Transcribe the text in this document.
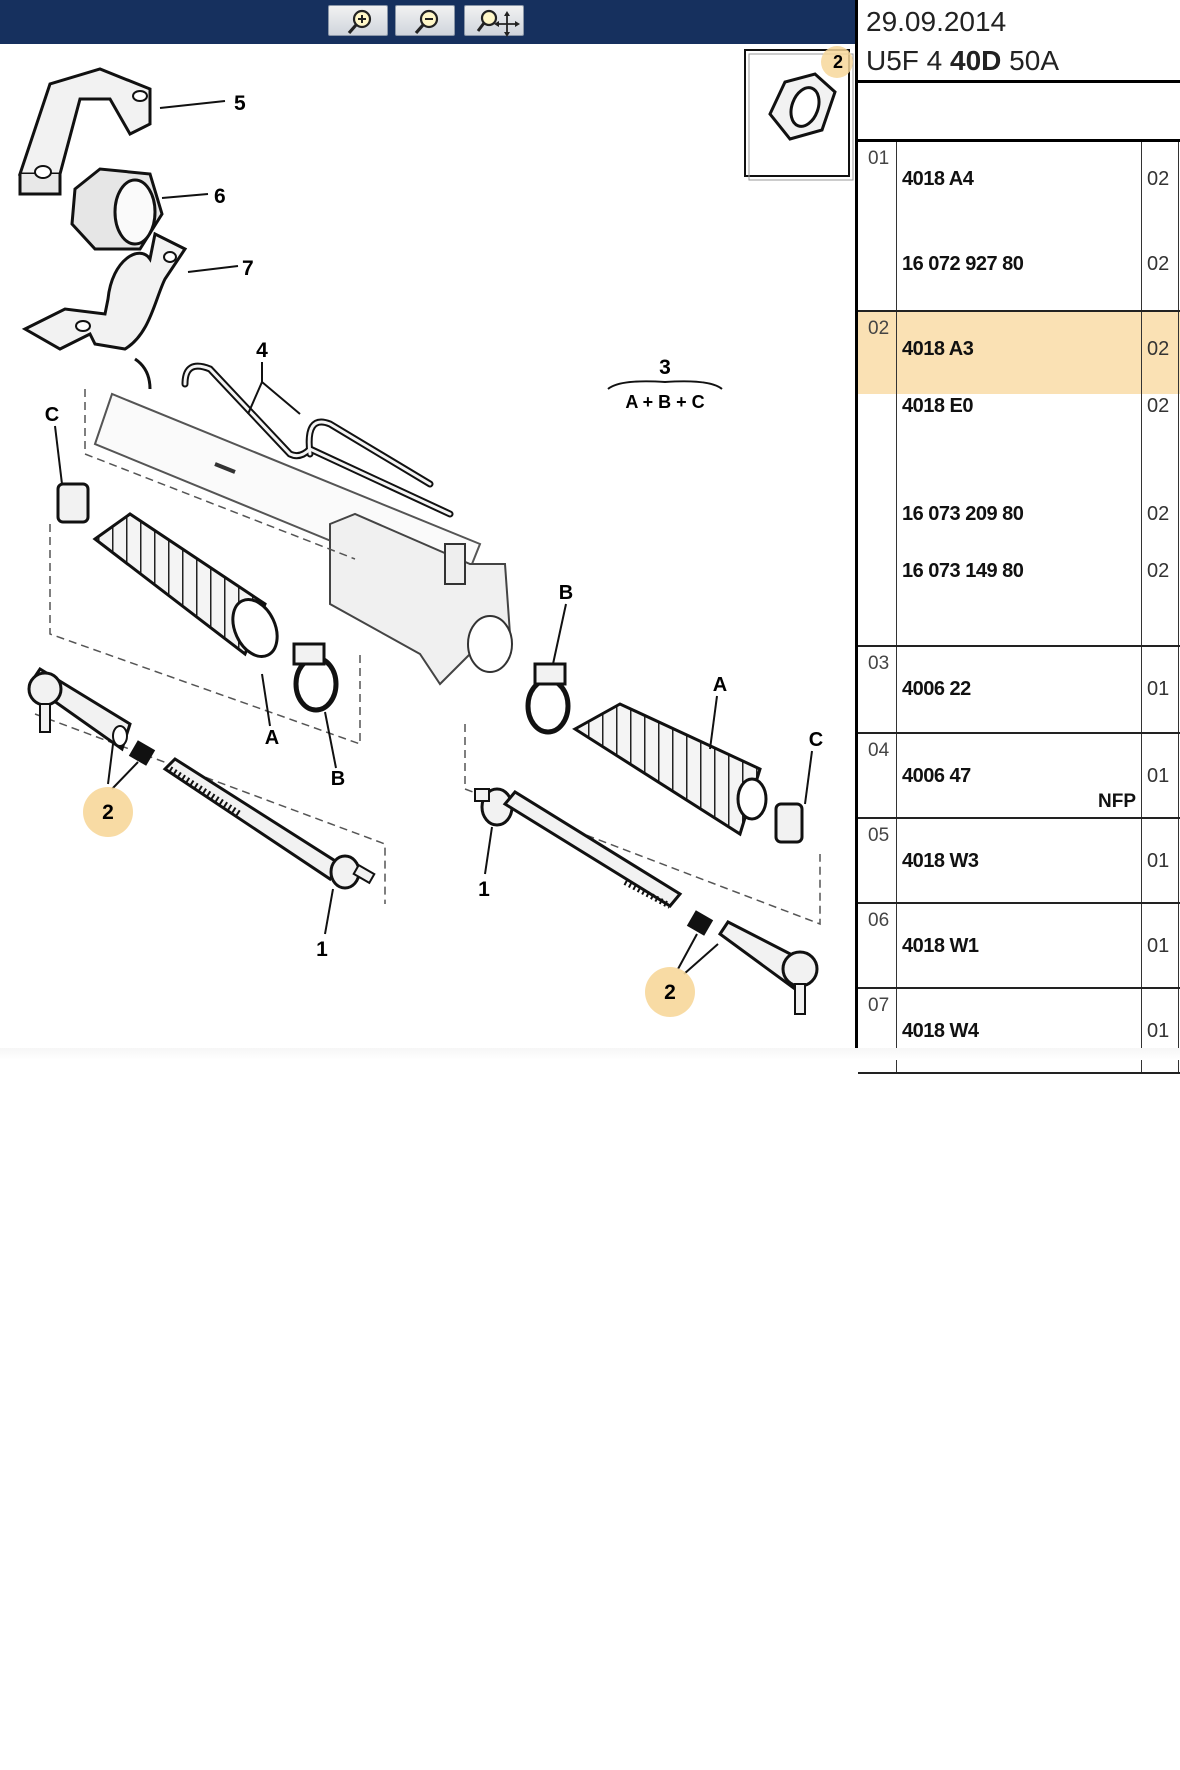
2
5
6
7
4
3
A + B + C
C
A
B
2
1
B
A
C
1
2
29.09.2014
U5F 4 40D 50A
01
4018 A4	02
16 072 927 80	02
02
4018 A3	02
4018 E0	02
16 073 209 80	02
16 073 149 80	02
03
4006 22	01
04
4006 47	01
NFP
05
4018 W3	01
06
4018 W1	01
07
4018 W4	01
